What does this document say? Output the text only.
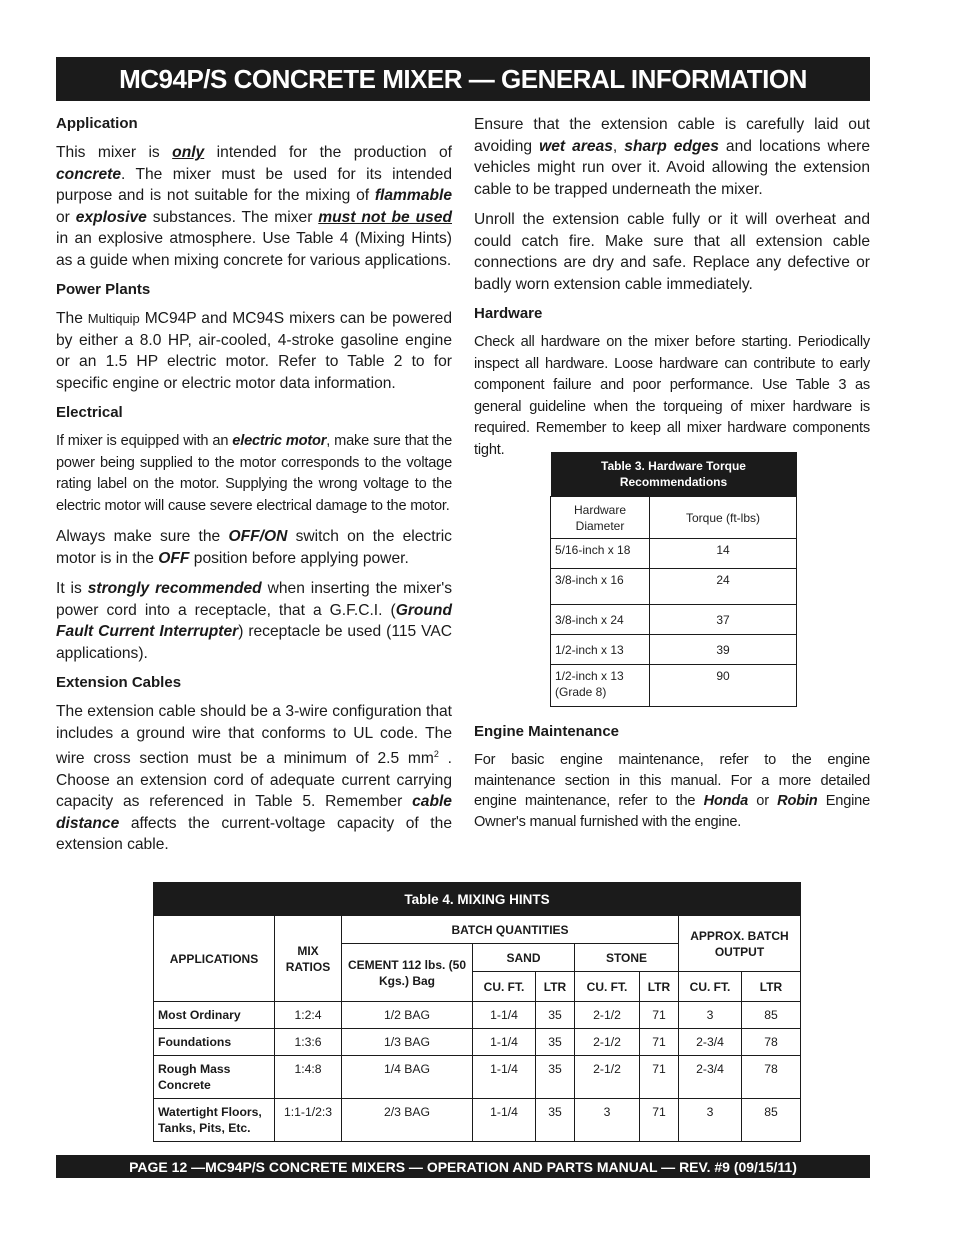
MC94P/S CONCRETE MIXER — GENERAL INFORMATION
Application

This mixer is only intended for the production of concrete. The mixer must be used for its intended purpose and is not suitable for the mixing of flammable or explosive substances. The mixer must not be used in an explosive atmosphere. Use Table 4 (Mixing Hints) as a guide when mixing concrete for various applications.

Power Plants

The Multiquip MC94P and MC94S mixers can be powered by either a 8.0 HP, air-cooled, 4-stroke gasoline engine or an 1.5 HP electric motor. Refer to Table 2 to for specific engine or electric motor data information.

Electrical

If mixer is equipped with an electric motor, make sure that the power being supplied to the motor corresponds to the voltage rating label on the motor. Supplying the wrong voltage to the electric motor will cause severe electrical damage to the motor.

Always make sure the OFF/ON switch on the electric motor is in the OFF position before applying power.

It is strongly recommended when inserting the mixer's power cord into a receptacle, that a G.F.C.I. (Ground Fault Current Interrupter) receptacle be used (115 VAC applications).

Extension Cables

The extension cable should be a 3-wire configuration that includes a ground wire that conforms to UL code. The wire cross section must be a minimum of 2.5 $mm^2$ . Choose an extension cord of adequate current carrying capacity as referenced in Table 5. Remember cable distance affects the current-voltage capacity of the extension cable.

Ensure that the extension cable is carefully laid out avoiding wet areas, sharp edges and locations where vehicles might run over it. Avoid allowing the extension cable to be trapped underneath the mixer.

Unroll the extension cable fully or it will overheat and could catch fire. Make sure that all extension cable connections are dry and safe. Replace any defective or badly worn extension cable immediately.

Hardware

Check all hardware on the mixer before starting. Periodically inspect all hardware. Loose hardware can contribute to early component failure and poor performance. Use Table 3 as general guideline when the torqueing of mixer hardware is required. Remember to keep all mixer hardware components tight.

Table 3. Hardware Torque Recommendations	
Hardware Diameter	Torque (ft-lbs)
5/16-inch x 18	14
3/8-inch x 16	24
3/8-inch x 24	37
1/2-inch x 13	39
1/2-inch x 13 (Grade 8)	90
Engine Maintenance

For basic engine maintenance, refer to the engine maintenance section in this manual. For a more detailed engine maintenance, refer to the Honda or Robin Engine Owner's manual furnished with the engine.

Table 4. MIXING HINTS								
APPLICATIONS	MIX RATIOS	BATCH QUANTITIES					APPROX. BATCH OUTPUT	
		CEMENT 112 lbs. (50 Kgs.) Bag	SAND		STONE			
			CU. FT.	LTR	CU. FT.	LTR	CU. FT.	LTR
Most Ordinary	1:2:4	1/2 BAG	1-1/4	35	2-1/2	71	3	85
Foundations	1:3:6	1/3 BAG	1-1/4	35	2-1/2	71	2-3/4	78
Rough Mass Concrete	1:4:8	1/4 BAG	1-1/4	35	2-1/2	71	2-3/4	78
Watertight Floors, Tanks, Pits, Etc.	1:1-1/2:3	2/3 BAG	1-1/4	35	3	71	3	85
PAGE 12 —MC94P/S CONCRETE MIXERS — OPERATION AND PARTS MANUAL — REV. #9 (09/15/11)
